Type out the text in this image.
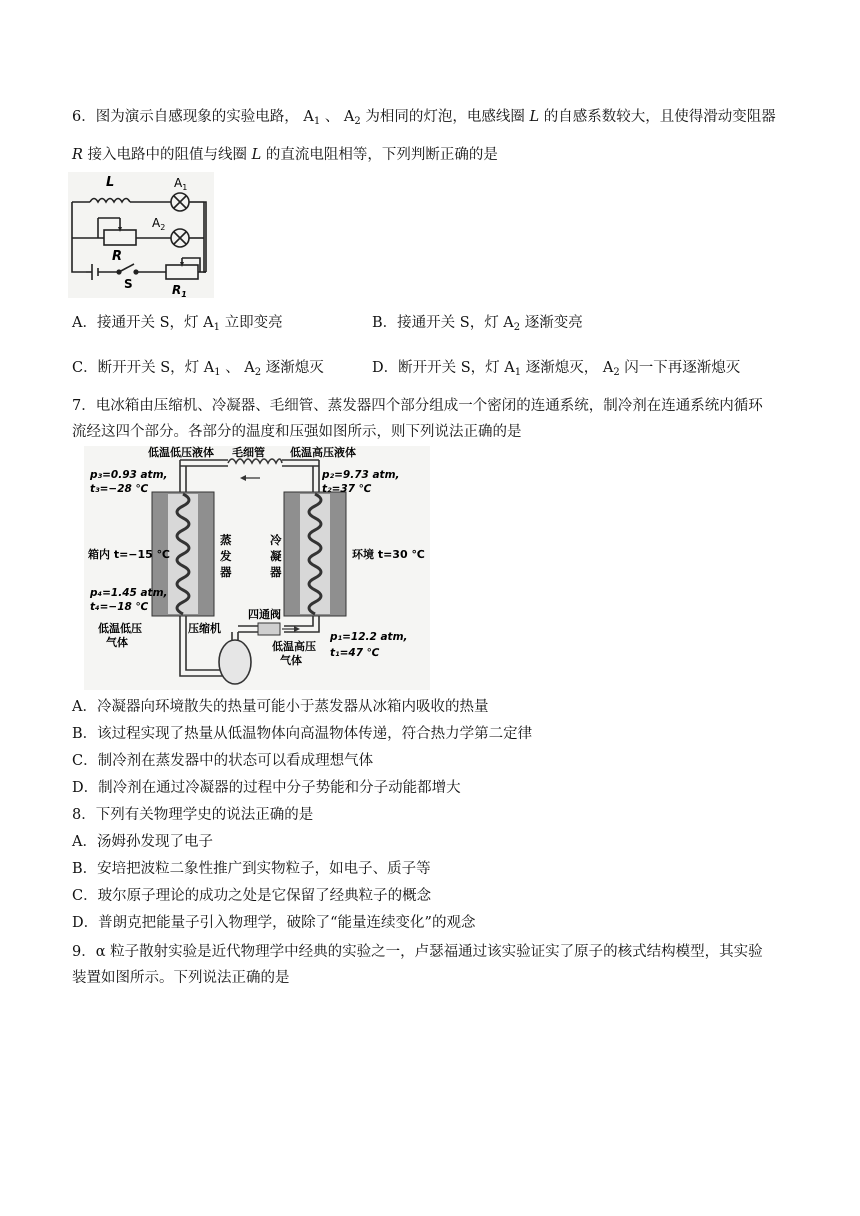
6．图为演示自感现象的实验电路， $A_1$ 、 $A_2$ 为相同的灯泡，电感线圈 L 的自感系数较大，且使得滑动变阻器
R 接入电路中的阻值与线圈 L 的直流电阻相等，下列判断正确的是
L	$A_1$
$A_2$
R
S	$R_1$
A．接通开关 S，灯 $A_1$ 立即变亮	B．接通开关 S，灯 $A_2$ 逐渐变亮
C．断开开关 S，灯 $A_1$ 、 $A_2$ 逐渐熄灭	D．断开开关 S，灯 $A_1$ 逐渐熄灭， $A_2$ 闪一下再逐渐熄灭
7．电冰箱由压缩机、冷凝器、毛细管、蒸发器四个部分组成一个密闭的连通系统，制冷剂在连通系统内循环
流经这四个部分。各部分的温度和压强如图所示，则下列说法正确的是
低温低压液体 毛细管 低温高压液体
p₃=0.93 atm,
t₃=−28 ℃
p₂=9.73 atm,
t₂=37 ℃
蒸
发
器
冷
凝
器
箱内 t=−15 ℃	环境 t=30 ℃
p₄=1.45 atm,
t₄=−18 ℃
四通阀
低温低压
气体
压缩机
低温高压
气体
p₁=12.2 atm,
t₁=47 ℃
A．冷凝器向环境散失的热量可能小于蒸发器从冰箱内吸收的热量
B．该过程实现了热量从低温物体向高温物体传递，符合热力学第二定律
C．制冷剂在蒸发器中的状态可以看成理想气体
D．制冷剂在通过冷凝器的过程中分子势能和分子动能都增大
8．下列有关物理学史的说法正确的是
A．汤姆孙发现了电子
B．安培把波粒二象性推广到实物粒子，如电子、质子等
C．玻尔原子理论的成功之处是它保留了经典粒子的概念
D．普朗克把能量子引入物理学，破除了“能量连续变化”的观念
9．α 粒子散射实验是近代物理学中经典的实验之一，卢瑟福通过该实验证实了原子的核式结构模型，其实验
装置如图所示。下列说法正确的是
